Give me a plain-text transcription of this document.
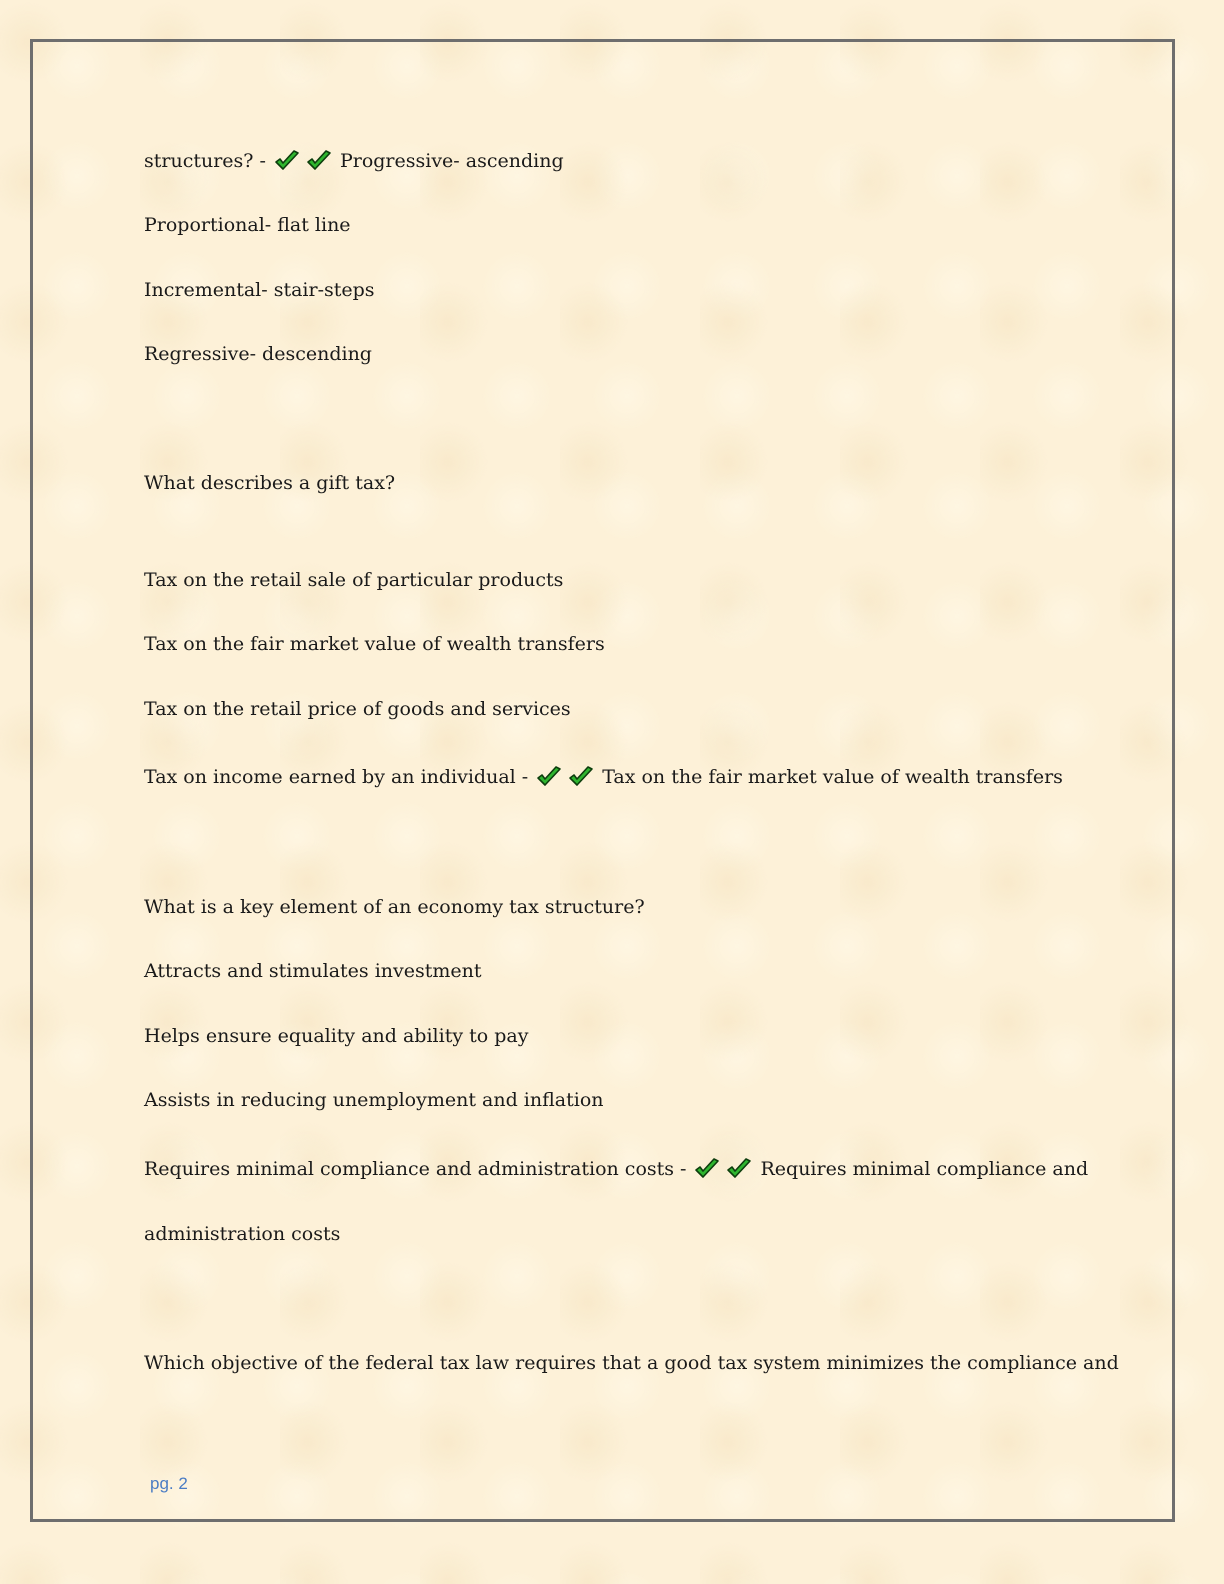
structures? -	Progressive- ascending
Proportional- flat line
Incremental- stair-steps
Regressive- descending
What describes a gift tax?
Tax on the retail sale of particular products
Tax on the fair market value of wealth transfers
Tax on the retail price of goods and services
Tax on income earned by an individual -	Tax on the fair market value of wealth transfers
What is a key element of an economy tax structure?
Attracts and stimulates investment
Helps ensure equality and ability to pay
Assists in reducing unemployment and inflation
Requires minimal compliance and administration costs -	Requires minimal compliance and
administration costs
Which objective of the federal tax law requires that a good tax system minimizes the compliance and
pg. 2
